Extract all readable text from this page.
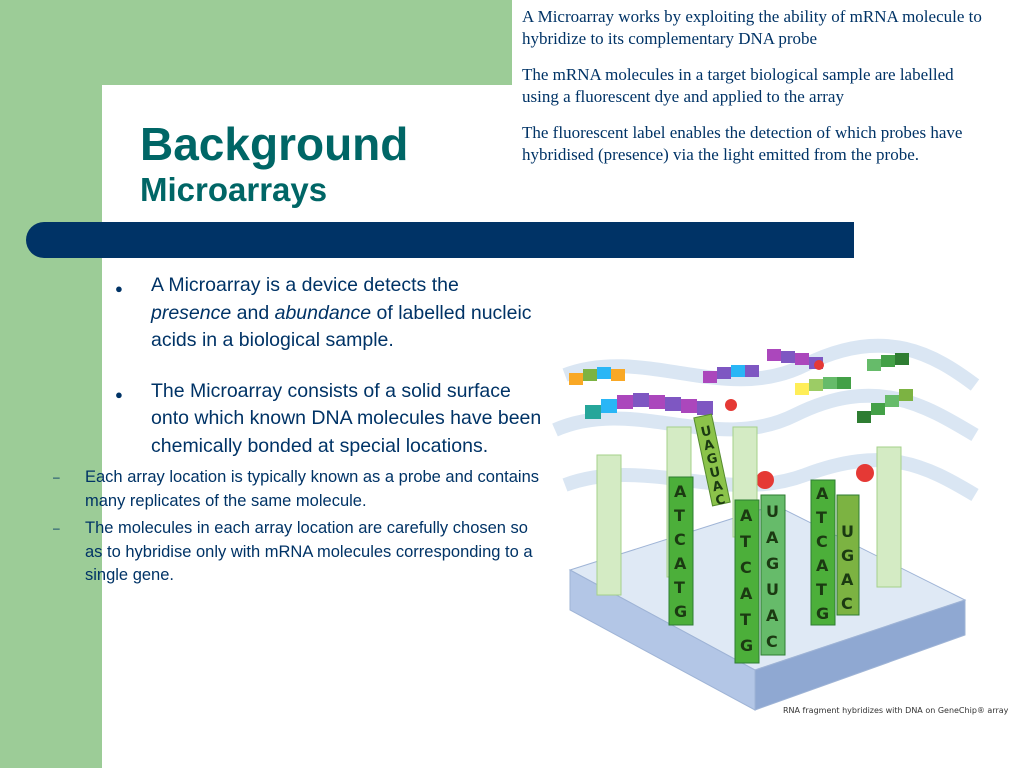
Background
Microarrays

A Microarray works by exploiting the ability of mRNA molecule to hybridize to its complementary DNA probe

The mRNA molecules in a target biological sample are labelled using a fluorescent dye and applied to the array

The fluorescent label enables the detection of which probes have hybridised (presence) via the light emitted from the probe.

● A Microarray is a device detects the presence and abundance of labelled nucleic acids in a biological sample.
● The Microarray consists of a solid surface onto which known DNA molecules have been chemically bonded at special locations.
– Each array location is typically known as a probe and contains many replicates of the same molecule.
– The molecules in each array location are carefully chosen so as to hybridise only with mRNA molecules corresponding to a single gene.
A
T
C
A
T
G
A
T
C
A
T
G
U
A
G
U
A
C
A
T
C
A
T
G
U
G
A
C
U
A
G
U
A
C
RNA fragment hybridizes with DNA on GeneChip® array
